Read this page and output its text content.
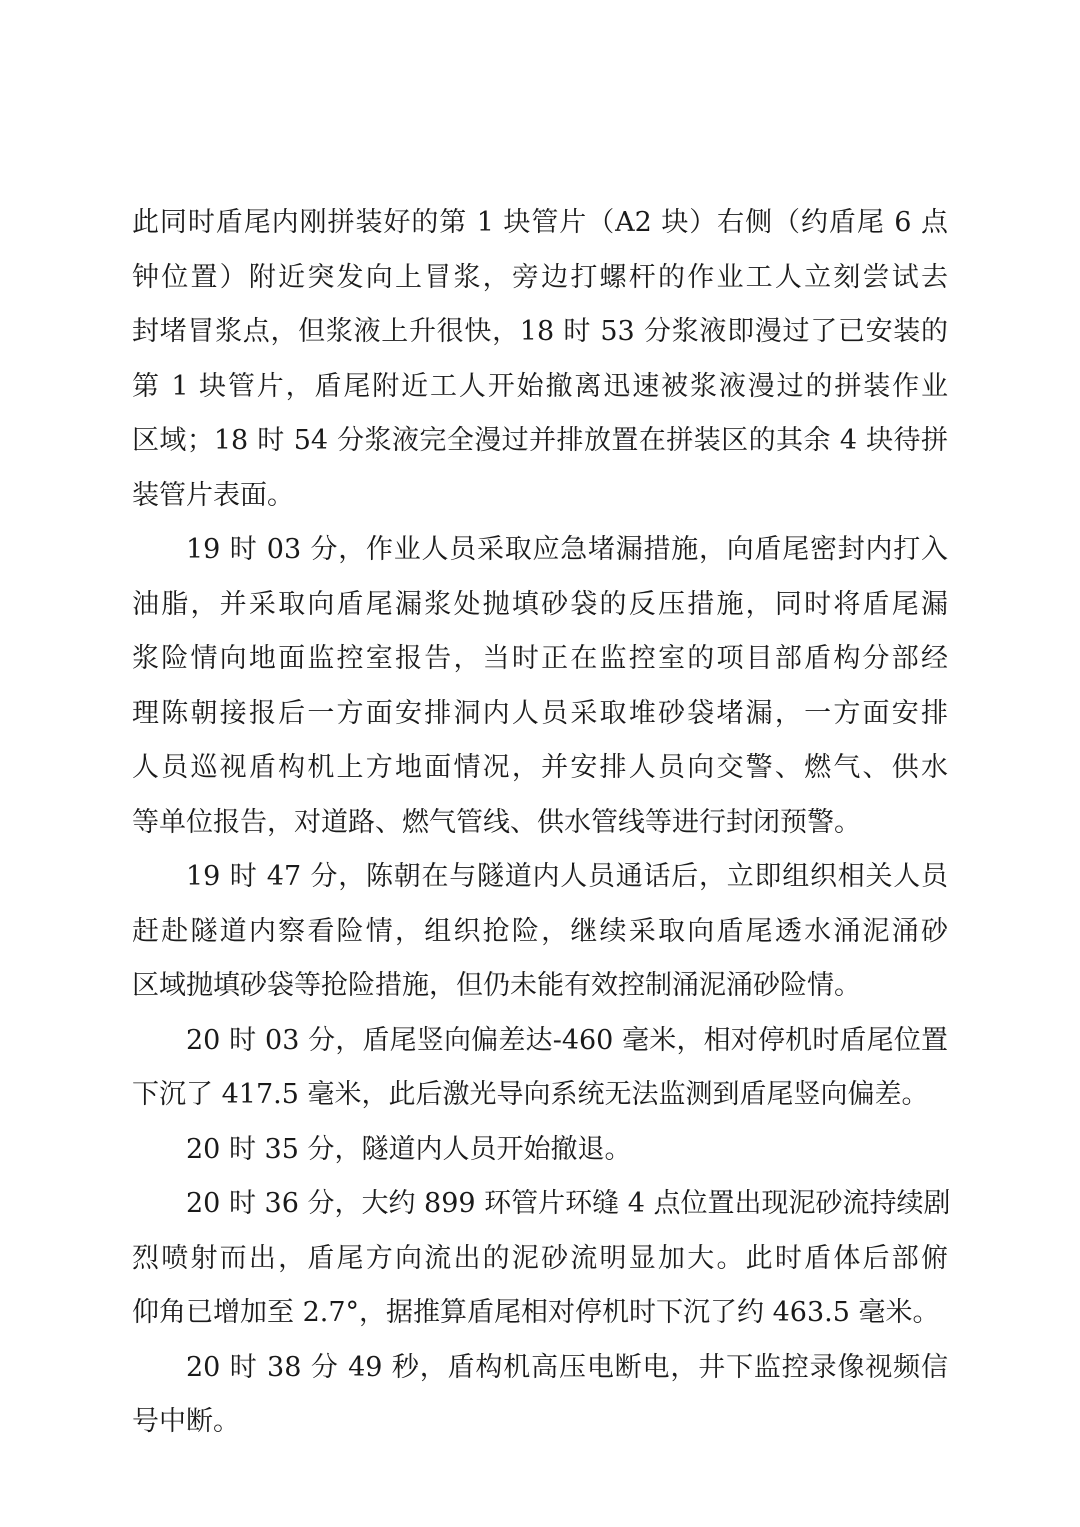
此同时盾尾内刚拼装好的第 1 块管片（A2 块）右侧（约盾尾 6 点
钟位置）附近突发向上冒浆，旁边打螺杆的作业工人立刻尝试去
封堵冒浆点，但浆液上升很快，18 时 53 分浆液即漫过了已安装的
第 1 块管片，盾尾附近工人开始撤离迅速被浆液漫过的拼装作业
区域；18 时 54 分浆液完全漫过并排放置在拼装区的其余 4 块待拼
装管片表面。
19 时 03 分，作业人员采取应急堵漏措施，向盾尾密封内打入
油脂，并采取向盾尾漏浆处抛填砂袋的反压措施，同时将盾尾漏
浆险情向地面监控室报告，当时正在监控室的项目部盾构分部经
理陈朝接报后一方面安排洞内人员采取堆砂袋堵漏，一方面安排
人员巡视盾构机上方地面情况，并安排人员向交警、燃气、供水
等单位报告，对道路、燃气管线、供水管线等进行封闭预警。
19 时 47 分，陈朝在与隧道内人员通话后，立即组织相关人员
赶赴隧道内察看险情，组织抢险，继续采取向盾尾透水涌泥涌砂
区域抛填砂袋等抢险措施，但仍未能有效控制涌泥涌砂险情。
20 时 03 分，盾尾竖向偏差达-460 毫米，相对停机时盾尾位置
下沉了 417.5 毫米，此后激光导向系统无法监测到盾尾竖向偏差。
20 时 35 分，隧道内人员开始撤退。
20 时 36 分，大约 899 环管片环缝 4 点位置出现泥砂流持续剧
烈喷射而出，盾尾方向流出的泥砂流明显加大。此时盾体后部俯
仰角已增加至 2.7°，据推算盾尾相对停机时下沉了约 463.5 毫米。
20 时 38 分 49 秒，盾构机高压电断电，井下监控录像视频信
号中断。
